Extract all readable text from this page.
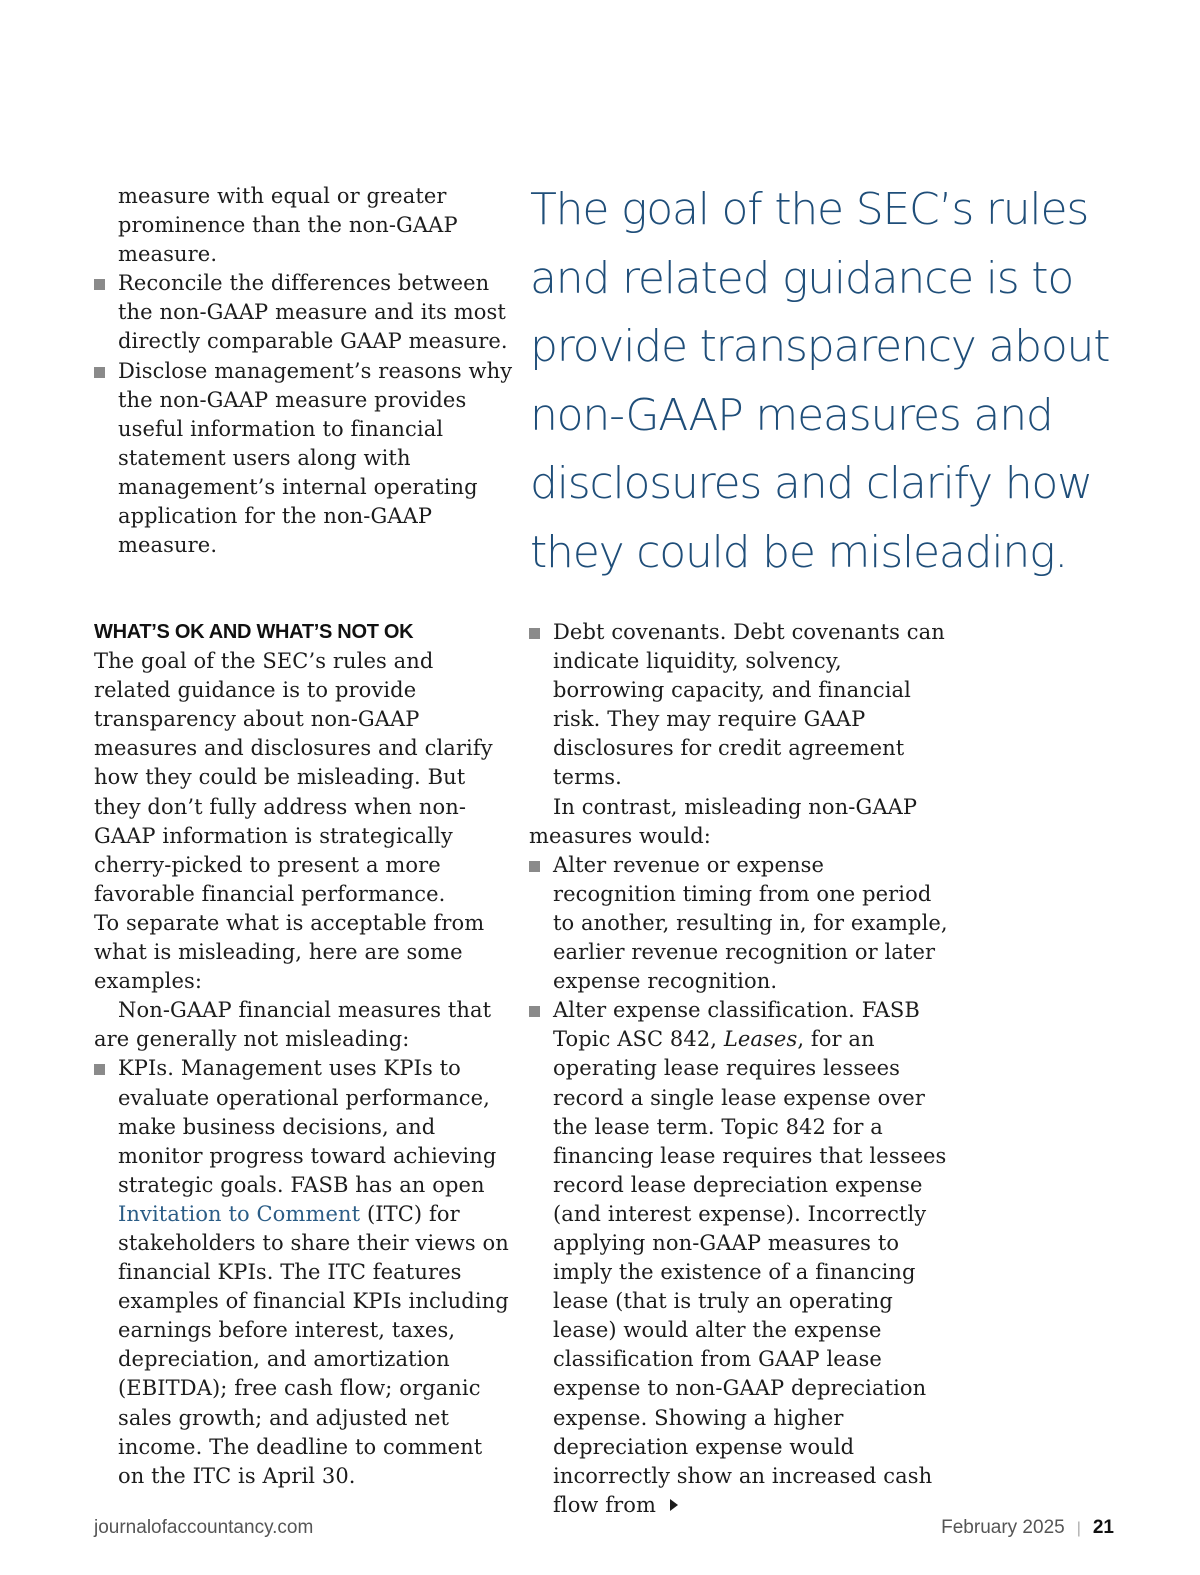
measure with equal or greater prominence than the non-GAAP measure.

Reconcile the differences between the non-GAAP measure and its most directly comparable GAAP measure.
Disclose management’s reasons why the non-GAAP measure provides useful information to financial statement users along with management’s internal operating application for the non-GAAP measure.

The goal of the SEC’s rules and related guidance is to provide transparency about non-GAAP measures and disclosures and clarify how they could be misleading.

WHAT’S OK AND WHAT’S NOT OK

The goal of the SEC’s rules and related guidance is to provide transparency about non-GAAP measures and disclosures and clarify how they could be misleading. But they don’t fully address when non-GAAP information is strategically cherry-picked to present a more favorable financial performance.

To separate what is acceptable from what is misleading, here are some examples:

Non-GAAP financial measures that are generally not misleading:

KPIs. Management uses KPIs to evaluate operational performance, make business decisions, and monitor progress toward achieving strategic goals. FASB has an open Invitation to Comment (ITC) for stakeholders to share their views on financial KPIs. The ITC features examples of financial KPIs including earnings before interest, taxes, depreciation, and amortization (EBITDA); free cash flow; organic sales growth; and adjusted net income. The deadline to comment on the ITC is April 30.
Debt covenants. Debt covenants can indicate liquidity, solvency, borrowing capacity, and financial risk. They may require GAAP disclosures for credit agreement terms.

In contrast, misleading non-GAAP measures would:

Alter revenue or expense recognition timing from one period to another, resulting in, for example, earlier revenue recognition or later expense recognition.
Alter expense classification. FASB Topic ASC 842, Leases, for an operating lease requires lessees record a single lease expense over the lease term. Topic 842 for a financing lease requires that lessees record lease depreciation expense (and interest expense). Incorrectly applying non-GAAP measures to imply the existence of a financing lease (that is truly an operating lease) would alter the expense classification from GAAP lease expense to non-GAAP depreciation expense. Showing a higher depreciation expense would incorrectly show an increased cash flow from
journalofaccountancy.com	February 2025 | 21
